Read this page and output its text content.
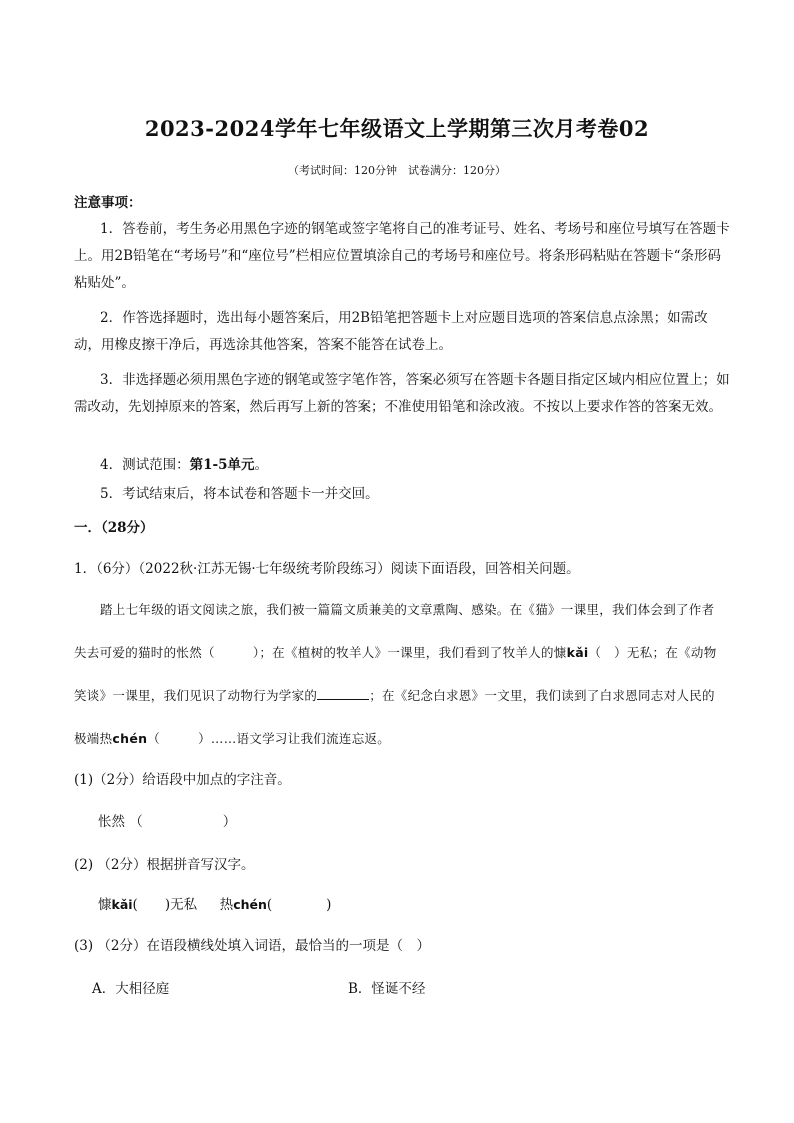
2023-2024学年七年级语文上学期第三次月考卷02
（考试时间：120分钟　试卷满分：120分）
注意事项：
1．答卷前，考生务必用黑色字迹的钢笔或签字笔将自己的准考证号、姓名、考场号和座位号填写在答题卡上。用2B铅笔在“考场号”和“座位号”栏相应位置填涂自己的考场号和座位号。将条形码粘贴在答题卡“条形码粘贴处”。
2．作答选择题时，选出每小题答案后，用2B铅笔把答题卡上对应题目选项的答案信息点涂黑；如需改动，用橡皮擦干净后，再选涂其他答案，答案不能答在试卷上。
3．非选择题必须用黑色字迹的钢笔或签字笔作答，答案必须写在答题卡各题目指定区域内相应位置上；如需改动，先划掉原来的答案，然后再写上新的答案；不准使用铅笔和涂改液。不按以上要求作答的答案无效。
4．测试范围：第1-5单元。
5．考试结束后，将本试卷和答题卡一并交回。
一．（28分）
1．（6分）（2022秋·江苏无锡·七年级统考阶段练习）阅读下面语段，回答相关问题。
踏上七年级的语文阅读之旅，我们被一篇篇文质兼美的文章熏陶、感染。在《猫》一课里，我们体会到了作者失去可爱的猫时的怅然（	）；在《植树的牧羊人》一课里，我们看到了牧羊人的慷kǎi（　）无私；在《动物笑谈》一课里，我们见识了动物行为学家的	；在《纪念白求恩》一文里，我们读到了白求恩同志对人民的极端热chén（	）……语文学习让我们流连忘返。
(1)（2分）给语段中加点的字注音。
怅然 （	）
(2) （2分）根据拼音写汉字。
慷kǎi(　　)无私 热chén(　　　　)
(3) （2分）在语段横线处填入词语，最恰当的一项是（　）
A．大相径庭	B．怪诞不经
